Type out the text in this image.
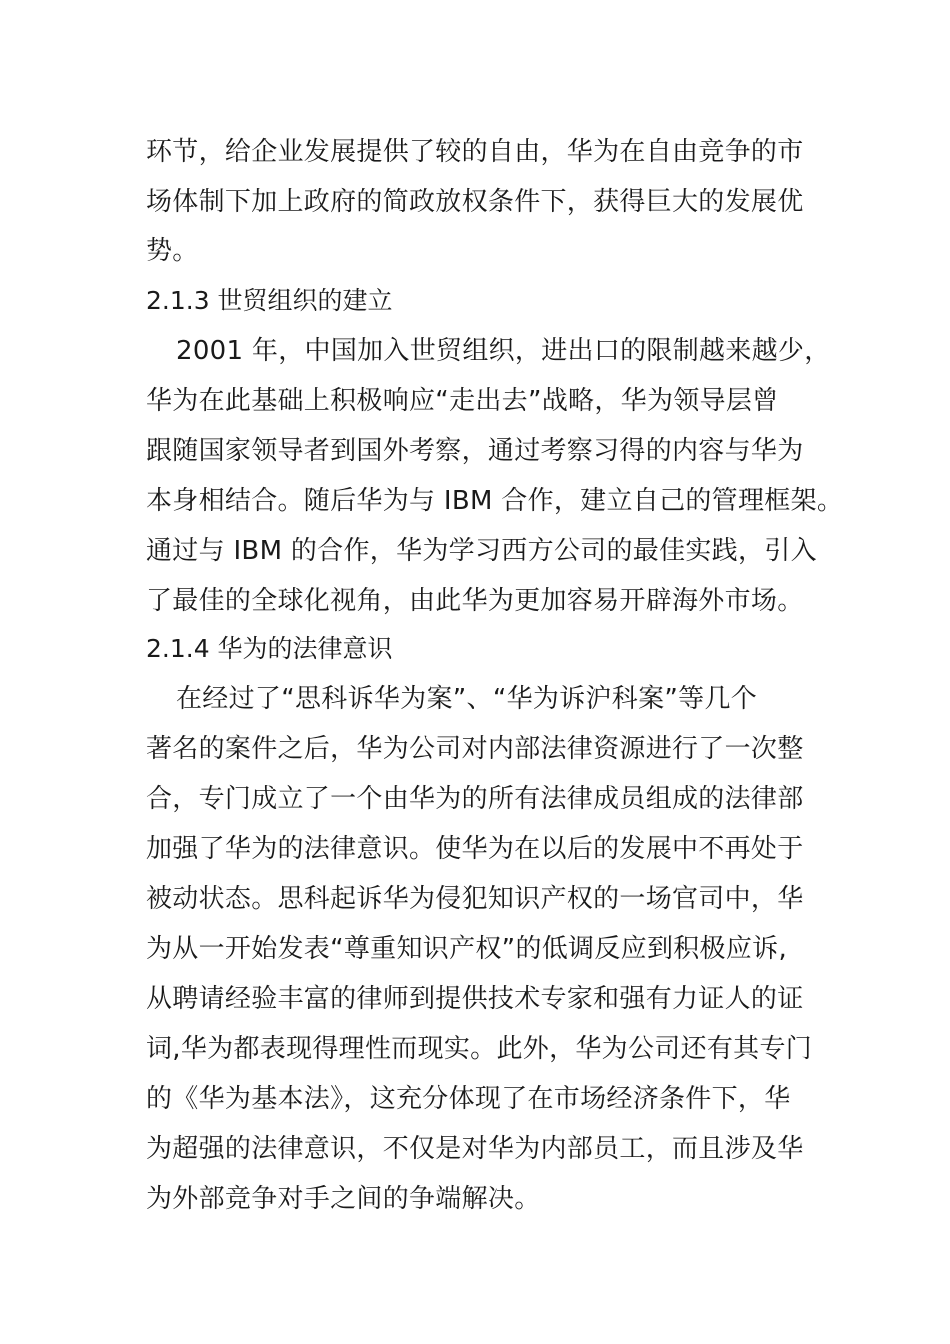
环节，给企业发展提供了较的自由，华为在自由竞争的市
场体制下加上政府的简政放权条件下，获得巨大的发展优
势。
2.1.3 世贸组织的建立
2001 年，中国加入世贸组织，进出口的限制越来越少，
华为在此基础上积极响应“走出去”战略，华为领导层曾
跟随国家领导者到国外考察，通过考察习得的内容与华为
本身相结合。随后华为与 IBM 合作，建立自己的管理框架。
通过与 IBM 的合作，华为学习西方公司的最佳实践，引入
了最佳的全球化视角，由此华为更加容易开辟海外市场。
2.1.4 华为的法律意识
在经过了“思科诉华为案”、“华为诉沪科案”等几个
著名的案件之后，华为公司对内部法律资源进行了一次整
合，专门成立了一个由华为的所有法律成员组成的法律部
加强了华为的法律意识。使华为在以后的发展中不再处于
被动状态。思科起诉华为侵犯知识产权的一场官司中，华
为从一开始发表“尊重知识产权”的低调反应到积极应诉,
从聘请经验丰富的律师到提供技术专家和强有力证人的证
词,华为都表现得理性而现实。此外，华为公司还有其专门
的《华为基本法》，这充分体现了在市场经济条件下，华
为超强的法律意识，不仅是对华为内部员工，而且涉及华
为外部竞争对手之间的争端解决。
